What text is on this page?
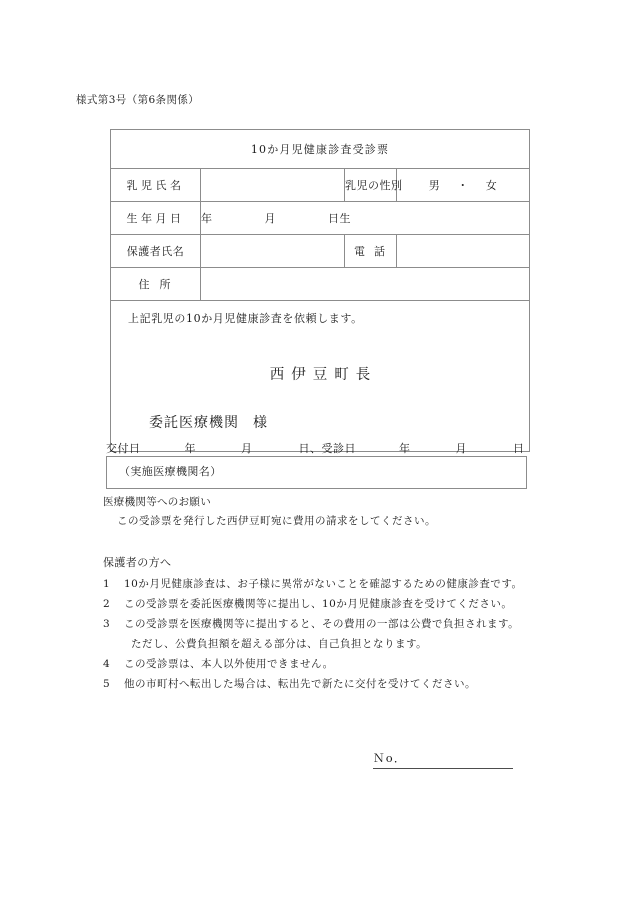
様式第3号（第6条関係）
10か月児健康診査受診票			
乳児氏名		乳児の性別	男 ・ 女
生年月日	年 月 日生		
保護者氏名		電話	
住所			

上記乳児の10か月児健康診査を依頼します。
西伊豆町長
委託医療機関 様			
交付日	年	月	日、受診日	年	月	日
（実施医療機関名）
医療機関等へのお願い
この受診票を発行した西伊豆町宛に費用の請求をしてください。
保護者の方へ
1	10か月児健康診査は、お子様に異常がないことを確認するための健康診査です。
2	この受診票を委託医療機関等に提出し、10か月児健康診査を受けてください。
3	この受診票を医療機関等に提出すると、その費用の一部は公費で負担されます。
ただし、公費負担額を超える部分は、自己負担となります。
4	この受診票は、本人以外使用できません。
5	他の市町村へ転出した場合は、転出先で新たに交付を受けてください。
Ｎo．
